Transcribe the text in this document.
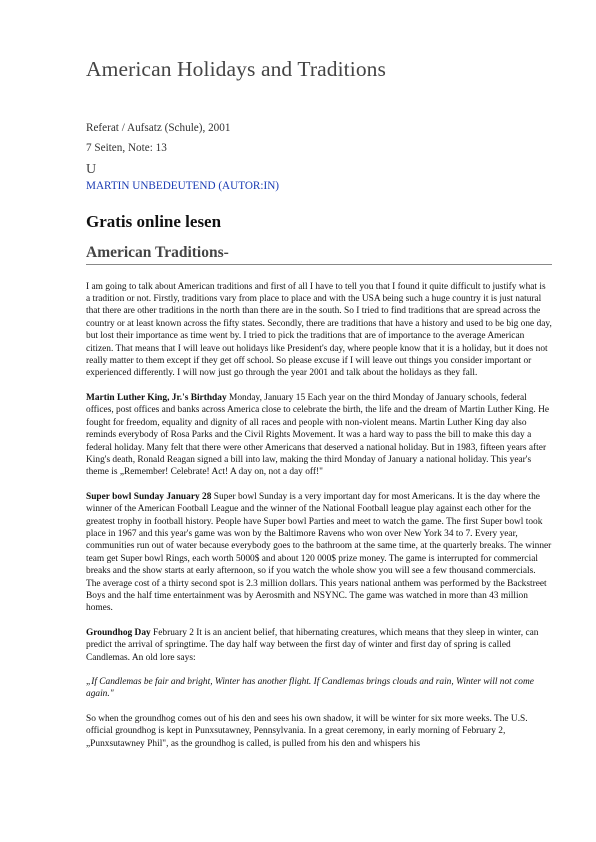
American Holidays and Traditions
Referat / Aufsatz (Schule), 2001
7 Seiten, Note: 13
U
MARTIN UNBEDEUTEND (AUTOR:IN)
Gratis online lesen
American Traditions-

I am going to talk about American traditions and first of all I have to tell you that I found it quite difficult to justify what is a tradition or not. Firstly, traditions vary from place to place and with the USA being such a huge country it is just natural that there are other traditions in the north than there are in the south. So I tried to find traditions that are spread across the country or at least known across the fifty states. Secondly, there are traditions that have a history and used to be big one day, but lost their importance as time went by. I tried to pick the traditions that are of importance to the average American citizen. That means that I will leave out holidays like President's day, where people know that it is a holiday, but it does not really matter to them except if they get off school. So please excuse if I will leave out things you consider important or experienced differently. I will now just go through the year 2001 and talk about the holidays as they fall.

Martin Luther King, Jr.'s Birthday Monday, January 15 Each year on the third Monday of January schools, federal offices, post offices and banks across America close to celebrate the birth, the life and the dream of Martin Luther King. He fought for freedom, equality and dignity of all races and people with non-violent means. Martin Luther King day also reminds everybody of Rosa Parks and the Civil Rights Movement. It was a hard way to pass the bill to make this day a federal holiday. Many felt that there were other Americans that deserved a national holiday. But in 1983, fifteen years after King's death, Ronald Reagan signed a bill into law, making the third Monday of January a national holiday. This year's theme is „Remember! Celebrate! Act! A day on, not a day off!"

Super bowl Sunday January 28 Super bowl Sunday is a very important day for most Americans. It is the day where the winner of the American Football League and the winner of the National Football league play against each other for the greatest trophy in football history. People have Super bowl Parties and meet to watch the game. The first Super bowl took place in 1967 and this year's game was won by the Baltimore Ravens who won over New York 34 to 7. Every year, communities run out of water because everybody goes to the bathroom at the same time, at the quarterly breaks. The winner team get Super bowl Rings, each worth 5000$ and about 120 000$ prize money. The game is interrupted for commercial breaks and the show starts at early afternoon, so if you watch the whole show you will see a few thousand commercials. The average cost of a thirty second spot is 2.3 million dollars. This years national anthem was performed by the Backstreet Boys and the half time entertainment was by Aerosmith and NSYNC. The game was watched in more than 43 million homes.

Groundhog Day February 2 It is an ancient belief, that hibernating creatures, which means that they sleep in winter, can predict the arrival of springtime. The day half way between the first day of winter and first day of spring is called Candlemas. An old lore says:

„If Candlemas be fair and bright, Winter has another flight. If Candlemas brings clouds and rain, Winter will not come again."

So when the groundhog comes out of his den and sees his own shadow, it will be winter for six more weeks. The U.S. official groundhog is kept in Punxsutawney, Pennsylvania. In a great ceremony, in early morning of February 2, „Punxsutawney Phil", as the groundhog is called, is pulled from his den and whispers his
